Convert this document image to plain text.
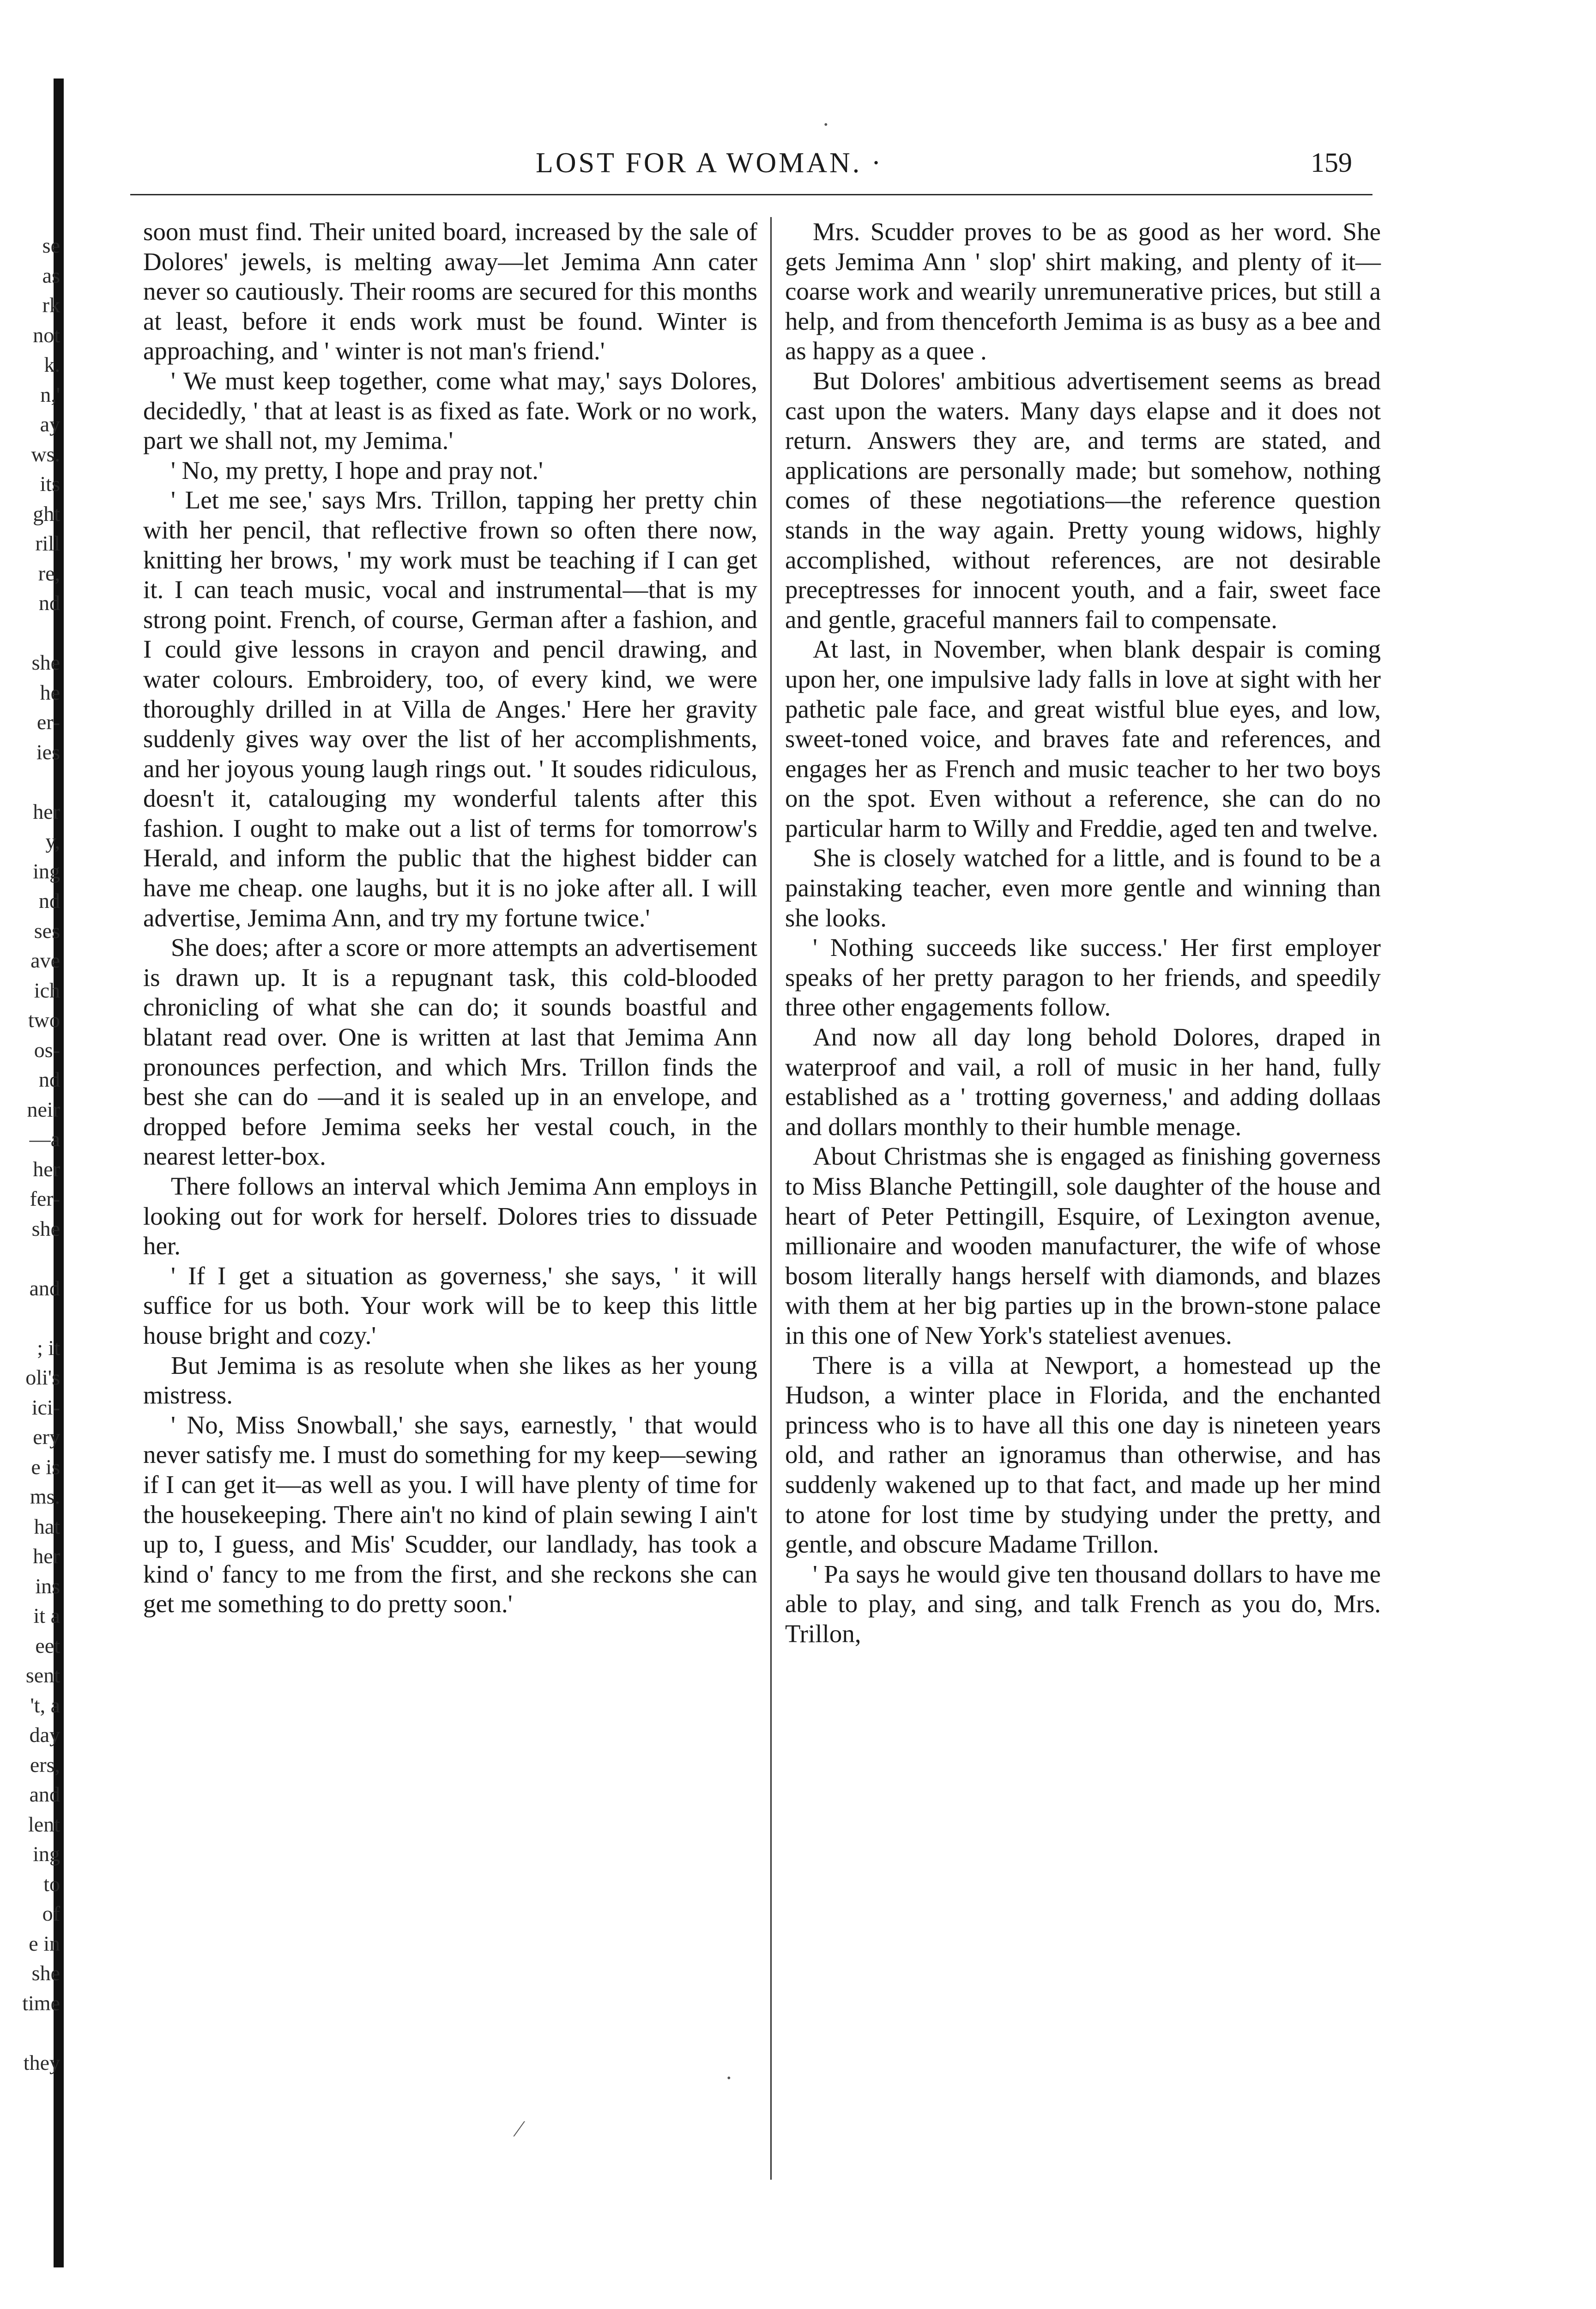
se
as
rk
not
k.
n,'
ay
ws.
its
ght
rill
re,
nd
she
he
er-
ies
her
y,
ing
nd
ses
ave
ich
two
os-
nd
neir
—a
her
fer-
she
and
; it
oli's
ici-
ery
e is
ms.
hat
her
ins
it a
eet
sent
't, a
day
ers,
and
lent
ing
to
of
e in
she
time
they
LOST FOR A WOMAN. ·	159

soon must find. Their united board, increased by the sale of Dolores' jewels, is melting away—let Jemima Ann cater never so cautiously. Their rooms are secured for this months at least, before it ends work must be found. Winter is approaching, and ' winter is not man's friend.'

' We must keep together, come what may,' says Dolores, decidedly, ' that at least is as fixed as fate. Work or no work, part we shall not, my Jemima.'

' No, my pretty, I hope and pray not.'

' Let me see,' says Mrs. Trillon, tapping her pretty chin with her pencil, that reflective frown so often there now, knitting her brows, ' my work must be teaching if I can get it. I can teach music, vocal and instrumental—that is my strong point. French, of course, German after a fashion, and I could give lessons in crayon and pencil drawing, and water colours. Embroidery, too, of every kind, we were thoroughly drilled in at Villa de Anges.' Here her gravity suddenly gives way over the list of her accomplishments, and her joyous young laugh rings out. ' It soudes ridiculous, doesn't it, catalouging my wonderful talents after this fashion. I ought to make out a list of terms for tomorrow's Herald, and inform the public that the highest bidder can have me cheap. one laughs, but it is no joke after all. I will advertise, Jemima Ann, and try my fortune twice.'

She does; after a score or more attempts an advertisement is drawn up. It is a repugnant task, this cold-blooded chronicling of what she can do; it sounds boastful and blatant read over. One is written at last that Jemima Ann pronounces perfection, and which Mrs. Trillon finds the best she can do —and it is sealed up in an envelope, and dropped before Jemima seeks her vestal couch, in the nearest letter-box.

There follows an interval which Jemima Ann employs in looking out for work for herself. Dolores tries to dissuade her.

' If I get a situation as governess,' she says, ' it will suffice for us both. Your work will be to keep this little house bright and cozy.'

But Jemima is as resolute when she likes as her young mistress.

' No, Miss Snowball,' she says, earnestly, ' that would never satisfy me. I must do something for my keep—sewing if I can get it—as well as you. I will have plenty of time for the housekeeping. There ain't no kind of plain sewing I ain't up to, I guess, and Mis' Scudder, our landlady, has took a kind o' fancy to me from the first, and she reckons she can get me something to do pretty soon.'

Mrs. Scudder proves to be as good as her word. She gets Jemima Ann ' slop' shirt making, and plenty of it—coarse work and wearily unremunerative prices, but still a help, and from thenceforth Jemima is as busy as a bee and as happy as a quee .

But Dolores' ambitious advertisement seems as bread cast upon the waters. Many days elapse and it does not return. Answers they are, and terms are stated, and applications are personally made; but somehow, nothing comes of these negotiations—the reference question stands in the way again. Pretty young widows, highly accomplished, without references, are not desirable preceptresses for innocent youth, and a fair, sweet face and gentle, graceful manners fail to compensate.

At last, in November, when blank despair is coming upon her, one impulsive lady falls in love at sight with her pathetic pale face, and great wistful blue eyes, and low, sweet-toned voice, and braves fate and references, and engages her as French and music teacher to her two boys on the spot. Even without a reference, she can do no particular harm to Willy and Freddie, aged ten and twelve.

She is closely watched for a little, and is found to be a painstaking teacher, even more gentle and winning than she looks.

' Nothing succeeds like success.' Her first employer speaks of her pretty paragon to her friends, and speedily three other engagements follow.

And now all day long behold Dolores, draped in waterproof and vail, a roll of music in her hand, fully established as a ' trotting governess,' and adding dollaas and dollars monthly to their humble menage.

About Christmas she is engaged as finishing governess to Miss Blanche Pettingill, sole daughter of the house and heart of Peter Pettingill, Esquire, of Lexington avenue, millionaire and wooden manufacturer, the wife of whose bosom literally hangs herself with diamonds, and blazes with them at her big parties up in the brown-stone palace in this one of New York's stateliest avenues.

There is a villa at Newport, a homestead up the Hudson, a winter place in Florida, and the enchanted princess who is to have all this one day is nineteen years old, and rather an ignoramus than otherwise, and has suddenly wakened up to that fact, and made up her mind to atone for lost time by studying under the pretty, and gentle, and obscure Madame Trillon.

' Pa says he would give ten thousand dollars to have me able to play, and sing, and talk French as you do, Mrs. Trillon,

·
⁄
·
